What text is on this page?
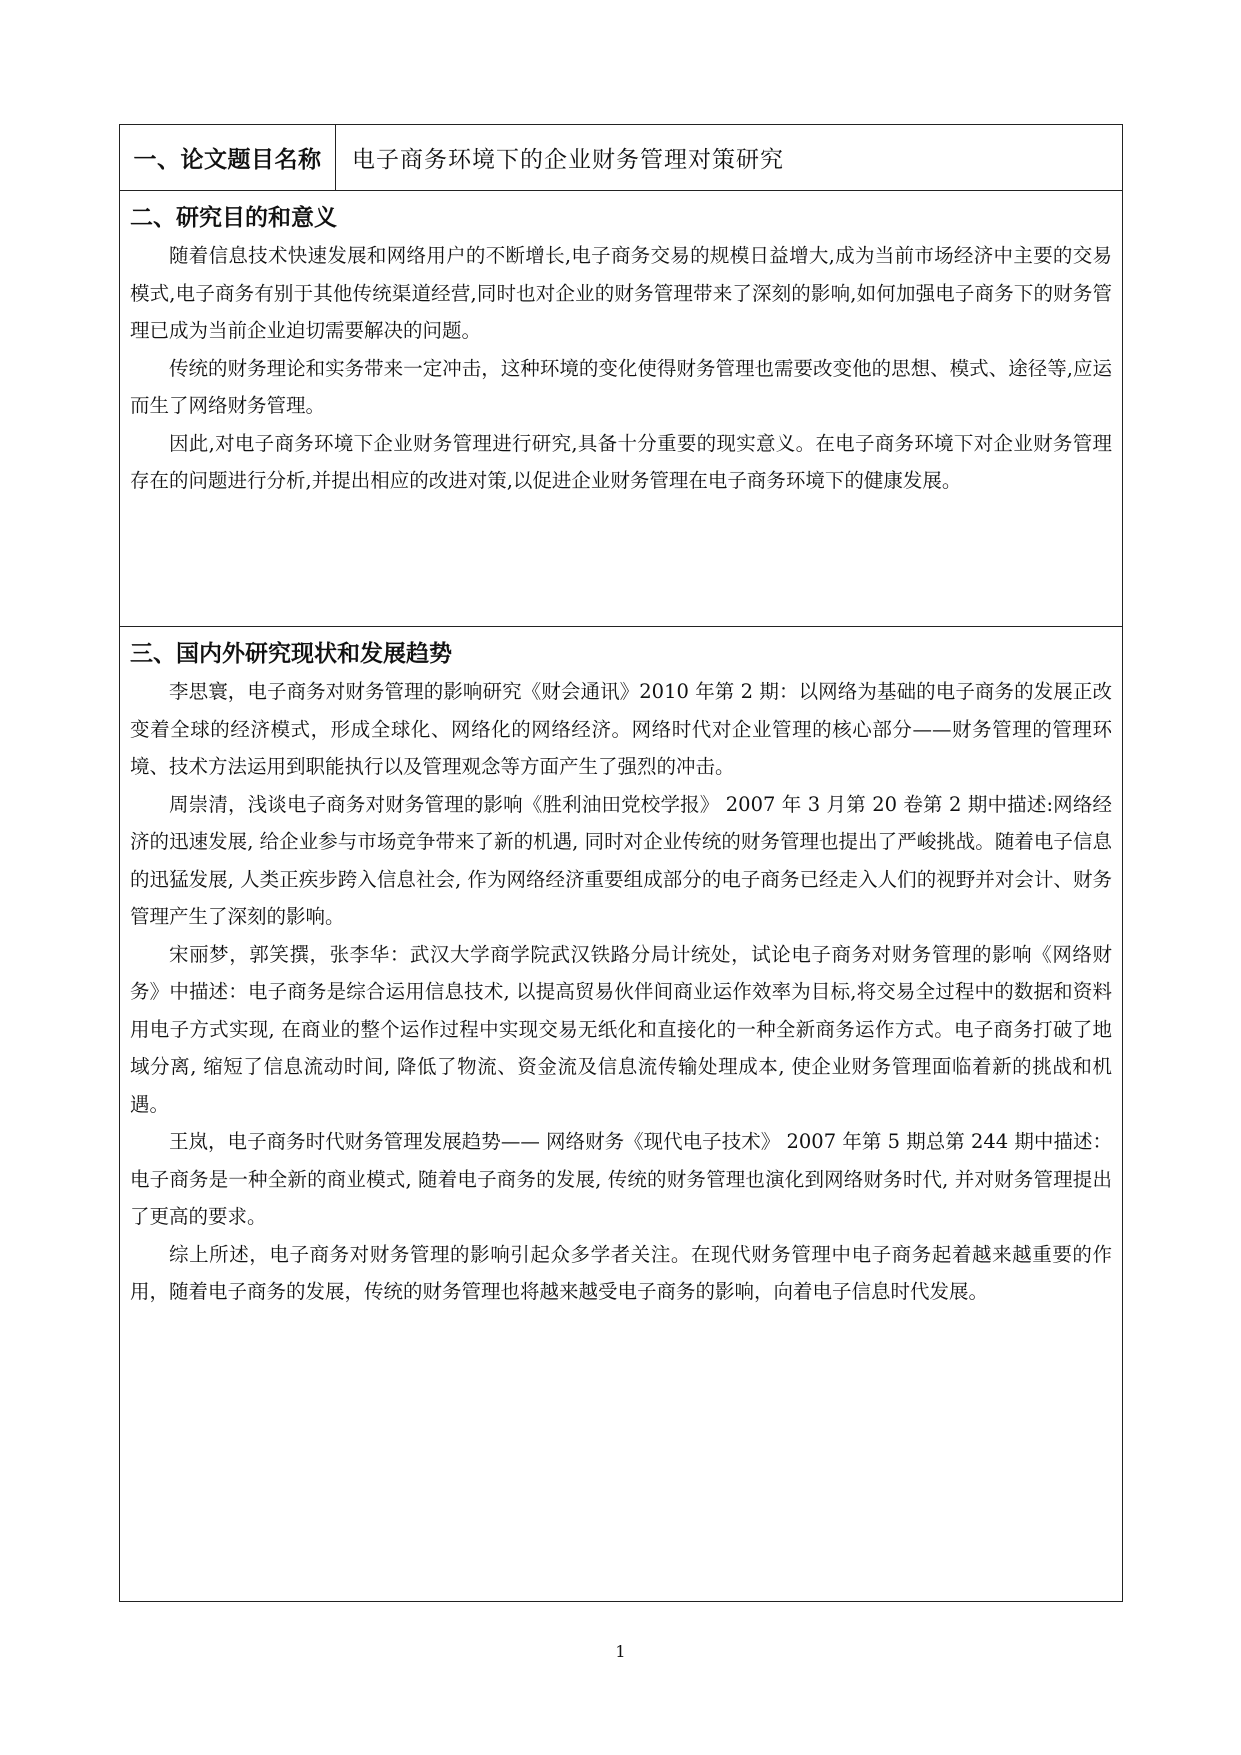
一、论文题目名称	电子商务环境下的企业财务管理对策研究
二、研究目的和意义

随着信息技术快速发展和网络用户的不断增长,电子商务交易的规模日益增大,成为当前市场经济中主要的交易模式,电子商务有别于其他传统渠道经营,同时也对企业的财务管理带来了深刻的影响,如何加强电子商务下的财务管理已成为当前企业迫切需要解决的问题。

传统的财务理论和实务带来一定冲击，这种环境的变化使得财务管理也需要改变他的思想、模式、途径等,应运而生了网络财务管理。

因此,对电子商务环境下企业财务管理进行研究,具备十分重要的现实意义。在电子商务环境下对企业财务管理存在的问题进行分析,并提出相应的改进对策,以促进企业财务管理在电子商务环境下的健康发展。

三、国内外研究现状和发展趋势

李思寰，电子商务对财务管理的影响研究《财会通讯》2010 年第 2 期：以网络为基础的电子商务的发展正改变着全球的经济模式，形成全球化、网络化的网络经济。网络时代对企业管理的核心部分——财务管理的管理环境、技术方法运用到职能执行以及管理观念等方面产生了强烈的冲击。

周崇清，浅谈电子商务对财务管理的影响《胜利油田党校学报》 2007 年 3 月第 20 卷第 2 期中描述:网络经济的迅速发展, 给企业参与市场竞争带来了新的机遇, 同时对企业传统的财务管理也提出了严峻挑战。随着电子信息的迅猛发展, 人类正疾步跨入信息社会, 作为网络经济重要组成部分的电子商务已经走入人们的视野并对会计、财务管理产生了深刻的影响。

宋丽梦，郭笑撰，张李华：武汉大学商学院武汉铁路分局计统处，试论电子商务对财务管理的影响《网络财务》中描述：电子商务是综合运用信息技术, 以提高贸易伙伴间商业运作效率为目标,将交易全过程中的数据和资料用电子方式实现, 在商业的整个运作过程中实现交易无纸化和直接化的一种全新商务运作方式。电子商务打破了地域分离, 缩短了信息流动时间, 降低了物流、资金流及信息流传输处理成本, 使企业财务管理面临着新的挑战和机遇。

王岚，电子商务时代财务管理发展趋势—— 网络财务《现代电子技术》 2007 年第 5 期总第 244 期中描述：电子商务是一种全新的商业模式, 随着电子商务的发展, 传统的财务管理也演化到网络财务时代, 并对财务管理提出了更高的要求。

综上所述，电子商务对财务管理的影响引起众多学者关注。在现代财务管理中电子商务起着越来越重要的作用，随着电子商务的发展，传统的财务管理也将越来越受电子商务的影响，向着电子信息时代发展。

1
